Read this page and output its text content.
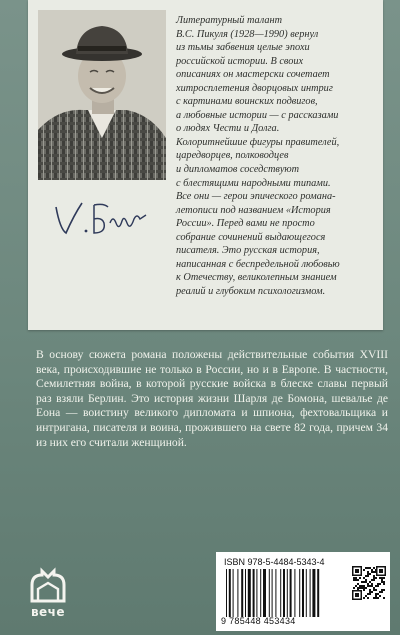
Литературный талант
В.С. Пикуля (1928—1990) вернул
из тьмы забвения целые эпохи
российской истории. В своих
описаниях он мастерски сочетает
хитросплетения дворцовых интриг
с картинами воинских подвигов,
а любовные истории — с рассказами
о людях Чести и Долга.
Колоритнейшие фигуры правителей,
царедворцев, полководцев
и дипломатов соседствуют
с блестящими народными типами.
Все они — герои эпического романа-
летописи под названием «История
России». Перед вами не просто
собрание сочинений выдающегося
писателя. Это русская история,
написанная с беспредельной любовью
к Отечеству, великолепным знанием
реалий и глубоким психологизмом.

В основу сюжета романа положены действительные события XVIII века, происходившие не только в России, но и в Европе. В частности, Семилетняя война, в которой русские войска в блеске славы первый раз взяли Берлин. Это история жизни Шарля де Бомона, шевалье де Еона — воистину великого дипломата и шпиона, фехтовальщика и интригана, писателя и воина, прожившего на свете 82 года, причем 34 из них его считали женщиной.

вече
ISBN 978-5-4484-5343-4
9 785448 453434
